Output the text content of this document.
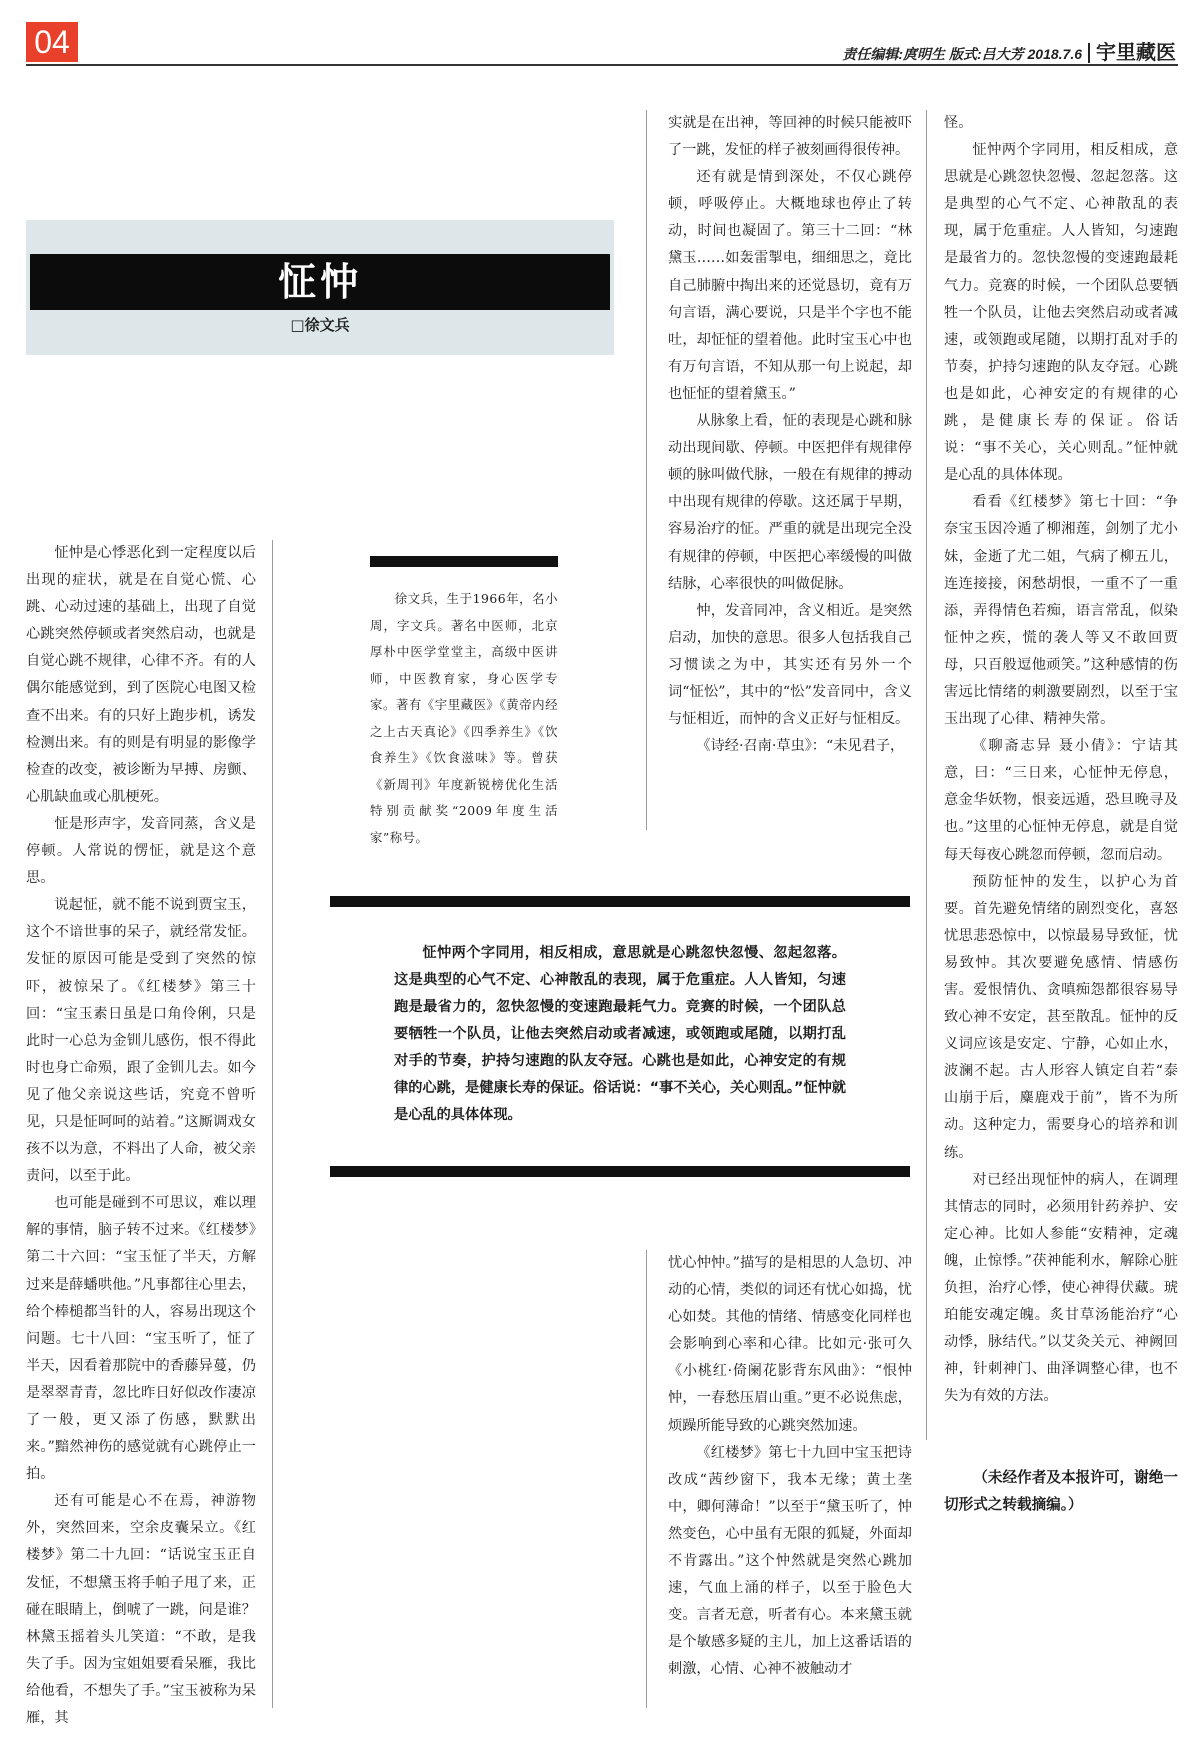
04	责任编辑:庹明生 版式:吕大芳 2018.7.6 宇里藏医
怔忡
□徐文兵

怔忡是心悸恶化到一定程度以后出现的症状，就是在自觉心慌、心跳、心动过速的基础上，出现了自觉心跳突然停顿或者突然启动，也就是自觉心跳不规律，心律不齐。有的人偶尔能感觉到，到了医院心电图又检查不出来。有的只好上跑步机，诱发检测出来。有的则是有明显的影像学检查的改变，被诊断为早搏、房颤、心肌缺血或心肌梗死。

怔是形声字，发音同蒸，含义是停顿。人常说的愣怔，就是这个意思。

说起怔，就不能不说到贾宝玉，这个不谙世事的呆子，就经常发怔。发怔的原因可能是受到了突然的惊吓，被惊呆了。《红楼梦》第三十回：“宝玉素日虽是口角伶俐，只是此时一心总为金钏儿感伤，恨不得此时也身亡命殒，跟了金钏儿去。如今见了他父亲说这些话，究竟不曾听见，只是怔呵呵的站着。”这厮调戏女孩不以为意，不料出了人命，被父亲责问，以至于此。

也可能是碰到不可思议，难以理解的事情，脑子转不过来。《红楼梦》第二十六回：“宝玉怔了半天，方解过来是薛蟠哄他。”凡事都往心里去，给个棒槌都当针的人，容易出现这个问题。七十八回：“宝玉听了，怔了半天，因看着那院中的香藤异蔓，仍是翠翠青青，忽比昨日好似改作凄凉了一般，更又添了伤感，默默出来。”黯然神伤的感觉就有心跳停止一拍。

还有可能是心不在焉，神游物外，突然回来，空余皮囊呆立。《红楼梦》第二十九回：“话说宝玉正自发怔，不想黛玉将手帕子甩了来，正碰在眼睛上，倒唬了一跳，问是谁？林黛玉摇着头儿笑道：“不敢，是我失了手。因为宝姐姐要看呆雁，我比给他看，不想失了手。”宝玉被称为呆雁，其

徐文兵，生于1966年，名小周，字文兵。著名中医师，北京厚朴中医学堂堂主，高级中医讲师，中医教育家，身心医学专家。著有《宇里藏医》《黄帝内经之上古天真论》《四季养生》《饮食养生》《饮食滋味》等。曾获《新周刊》年度新锐榜优化生活特别贡献奖“2009年度生活家”称号。

实就是在出神，等回神的时候只能被吓了一跳，发怔的样子被刻画得很传神。

还有就是情到深处，不仅心跳停顿，呼吸停止。大概地球也停止了转动，时间也凝固了。第三十二回：“林黛玉……如轰雷掣电，细细思之，竟比自己肺腑中掏出来的还觉恳切，竟有万句言语，满心要说，只是半个字也不能吐，却怔怔的望着他。此时宝玉心中也有万句言语，不知从那一句上说起，却也怔怔的望着黛玉。”

从脉象上看，怔的表现是心跳和脉动出现间歇、停顿。中医把伴有规律停顿的脉叫做代脉，一般在有规律的搏动中出现有规律的停歇。这还属于早期，容易治疗的怔。严重的就是出现完全没有规律的停顿，中医把心率缓慢的叫做结脉，心率很快的叫做促脉。

忡，发音同冲，含义相近。是突然启动，加快的意思。很多人包括我自己习惯读之为中，其实还有另外一个词“怔忪”，其中的“忪”发音同中，含义与怔相近，而忡的含义正好与怔相反。

《诗经·召南·草虫》：“未见君子，

怔忡两个字同用，相反相成，意思就是心跳忽快忽慢、忽起忽落。这是典型的心气不定、心神散乱的表现，属于危重症。人人皆知，匀速跑是最省力的，忽快忽慢的变速跑最耗气力。竞赛的时候，一个团队总要牺牲一个队员，让他去突然启动或者减速，或领跑或尾随，以期打乱对手的节奏，护持匀速跑的队友夺冠。心跳也是如此，心神安定的有规律的心跳，是健康长寿的保证。俗话说：“事不关心，关心则乱。”怔忡就是心乱的具体体现。

忧心忡忡。”描写的是相思的人急切、冲动的心情，类似的词还有忧心如捣，忧心如焚。其他的情绪、情感变化同样也会影响到心率和心律。比如元·张可久《小桃红·倚阑花影背东风曲》：“恨忡忡，一春愁压眉山重。”更不必说焦虑，烦躁所能导致的心跳突然加速。

《红楼梦》第七十九回中宝玉把诗改成“茜纱窗下，我本无缘；黄土垄中，卿何薄命！”以至于“黛玉听了，忡然变色，心中虽有无限的狐疑，外面却不肯露出。”这个忡然就是突然心跳加速，气血上涌的样子，以至于脸色大变。言者无意，听者有心。本来黛玉就是个敏感多疑的主儿，加上这番话语的刺激，心情、心神不被触动才

怪。

怔忡两个字同用，相反相成，意思就是心跳忽快忽慢、忽起忽落。这是典型的心气不定、心神散乱的表现，属于危重症。人人皆知，匀速跑是最省力的。忽快忽慢的变速跑最耗气力。竞赛的时候，一个团队总要牺牲一个队员，让他去突然启动或者减速，或领跑或尾随，以期打乱对手的节奏，护持匀速跑的队友夺冠。心跳也是如此，心神安定的有规律的心跳，是健康长寿的保证。俗话说：“事不关心，关心则乱。”怔忡就是心乱的具体体现。

看看《红楼梦》第七十回：“争奈宝玉因冷遁了柳湘莲，剑刎了尤小妹，金逝了尤二姐，气病了柳五儿，连连接接，闲愁胡恨，一重不了一重添，弄得情色若痴，语言常乱，似染怔忡之疾，慌的袭人等又不敢回贾母，只百般逗他顽笑。”这种感情的伤害远比情绪的刺激要剧烈，以至于宝玉出现了心律、精神失常。

《聊斋志异 聂小倩》：宁诘其意，曰：“三日来，心怔忡无停息，意金华妖物，恨妾远遁，恐旦晚寻及也。”这里的心怔忡无停息，就是自觉每天每夜心跳忽而停顿，忽而启动。

预防怔忡的发生，以护心为首要。首先避免情绪的剧烈变化，喜怒忧思悲恐惊中，以惊最易导致怔，忧易致忡。其次要避免感情、情感伤害。爱恨情仇、贪嗔痴怨都很容易导致心神不安定，甚至散乱。怔忡的反义词应该是安定、宁静，心如止水，波澜不起。古人形容人镇定自若“泰山崩于后，麋鹿戏于前”，皆不为所动。这种定力，需要身心的培养和训练。

对已经出现怔忡的病人，在调理其情志的同时，必须用针药养护、安定心神。比如人参能“安精神，定魂魄，止惊悸。”茯神能利水，解除心脏负担，治疗心悸，使心神得伏藏。琥珀能安魂定魄。炙甘草汤能治疗“心动悸，脉结代。”以艾灸关元、神阙回神，针刺神门、曲泽调整心律，也不失为有效的方法。

（未经作者及本报许可，谢绝一切形式之转载摘编。）
